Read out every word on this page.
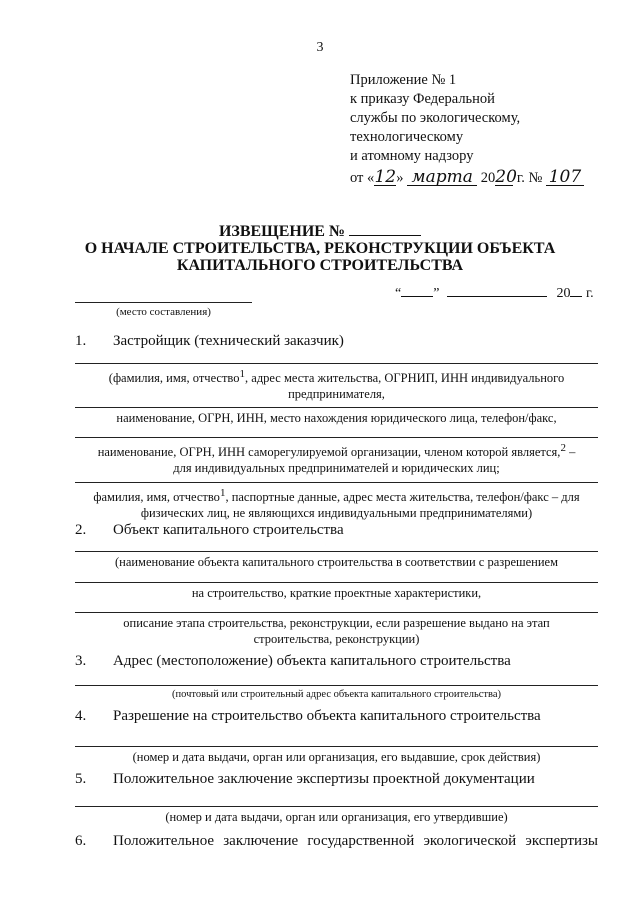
3
Приложение № 1
к приказу Федеральной
службы по экологическому,
технологическому
и атомному надзору
от «12» марта 2020 г. № 107
ИЗВЕЩЕНИЕ №
О НАЧАЛЕ СТРОИТЕЛЬСТВА, РЕКОНСТРУКЦИИ ОБЪЕКТА
КАПИТАЛЬНОГО СТРОИТЕЛЬСТВА
(место составления)
“ ”	20 г.
1. Застройщик (технический заказчик)
(фамилия, имя, отчество$^1$, адрес места жительства, ОГРНИП, ИНН индивидуального
предпринимателя,
наименование, ОГРН, ИНН, место нахождения юридического лица, телефон/факс,
наименование, ОГРН, ИНН саморегулируемой организации, членом которой является,$^2$ –
для индивидуальных предпринимателей и юридических лиц;
фамилия, имя, отчество$^1$, паспортные данные, адрес места жительства, телефон/факс – для
физических лиц, не являющихся индивидуальными предпринимателями)
2. Объект капитального строительства
(наименование объекта капитального строительства в соответствии с разрешением
на строительство, краткие проектные характеристики,
описание этапа строительства, реконструкции, если разрешение выдано на этап
строительства, реконструкции)
3. Адрес (местоположение) объекта капитального строительства
(почтовый или строительный адрес объекта капитального строительства)
4. Разрешение на строительство объекта капитального строительства
(номер и дата выдачи, орган или организация, его выдавшие, срок действия)
5. Положительное заключение экспертизы проектной документации
(номер и дата выдачи, орган или организация, его утвердившие)
6. Положительное заключение государственной экологической экспертизы
